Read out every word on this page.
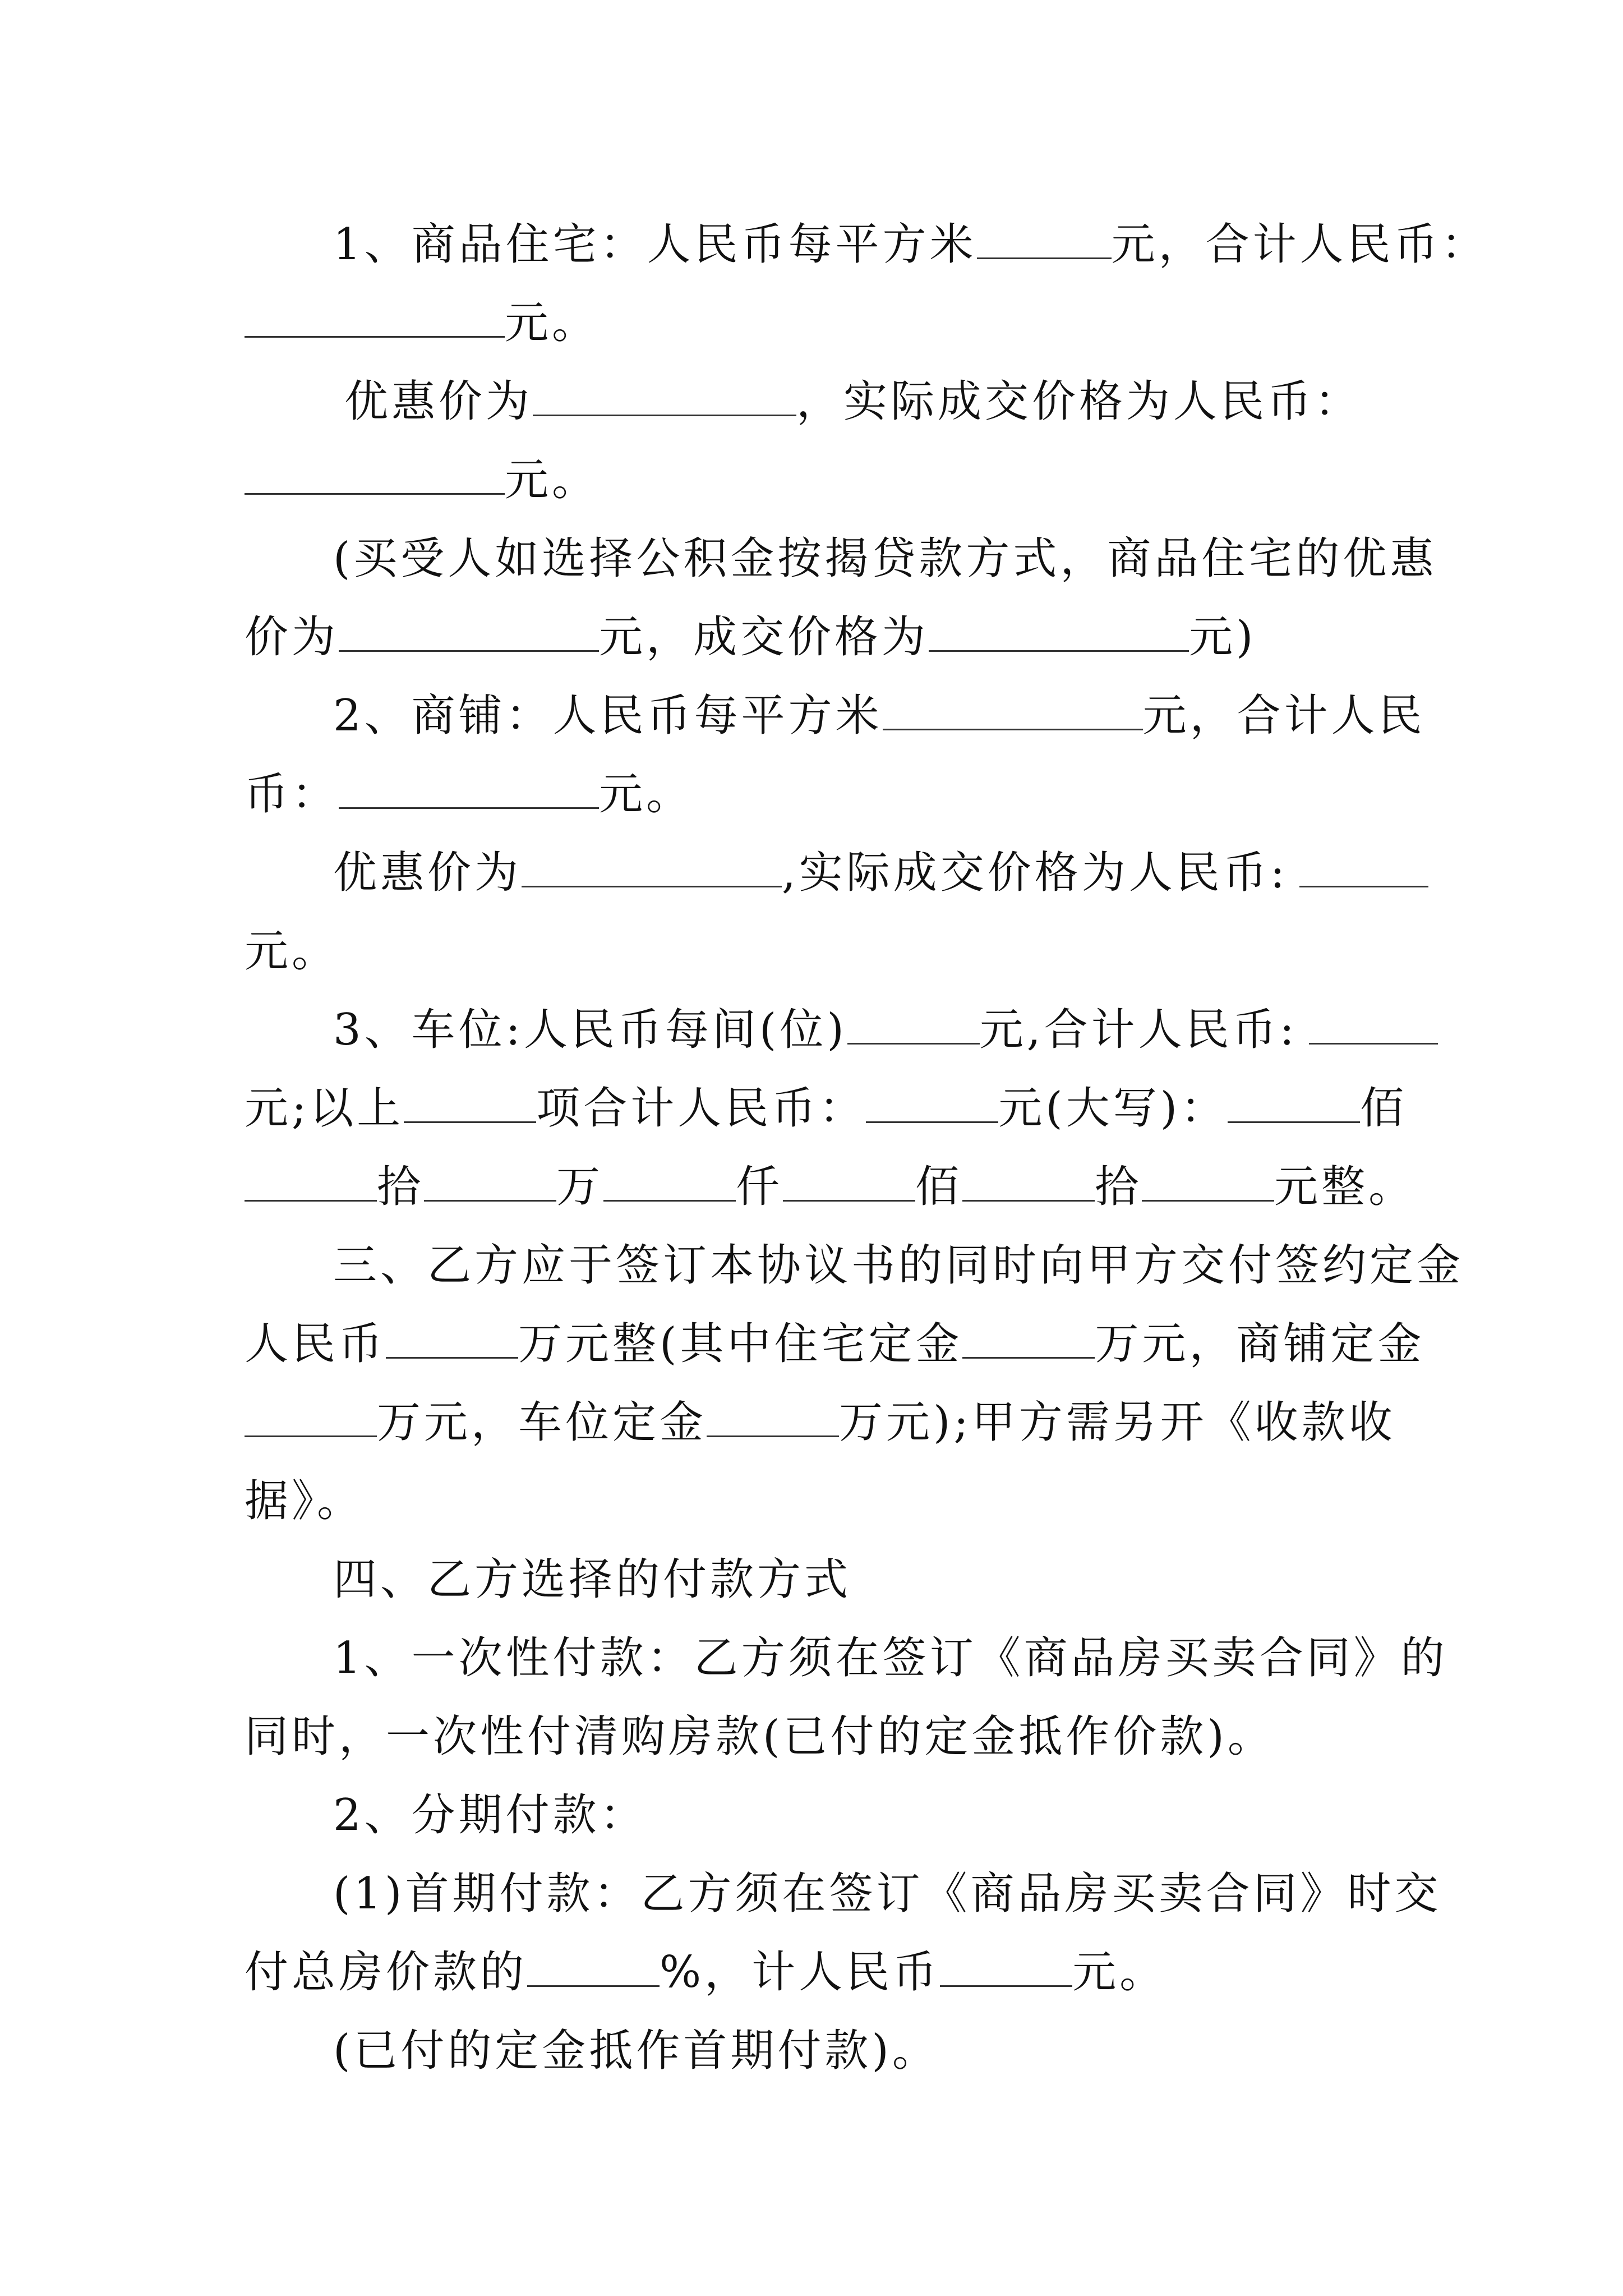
1、商品住宅：人民币每平方米	元，合计人民币：
元。
优惠价为	，实际成交价格为人民币：
元。
(买受人如选择公积金按揭贷款方式，商品住宅的优惠
价为	元，成交价格为	元)
2、商铺：人民币每平方米	元，合计人民
币：	元。
优惠价为	,实际成交价格为人民币:
元。
3、车位:人民币每间(位)	元,合计人民币:
元;以上	项合计人民币：	元(大写)：	佰
拾	万	仟	佰	拾	元整。
三、乙方应于签订本协议书的同时向甲方交付签约定金
人民币	万元整(其中住宅定金	万元，商铺定金
万元，车位定金	万元);甲方需另开《收款收
据》。
四、乙方选择的付款方式
1、一次性付款：乙方须在签订《商品房买卖合同》的
同时，一次性付清购房款(已付的定金抵作价款)。
2、分期付款：
(1)首期付款：乙方须在签订《商品房买卖合同》时交
付总房价款的	%，计人民币	元。
(已付的定金抵作首期付款)。
